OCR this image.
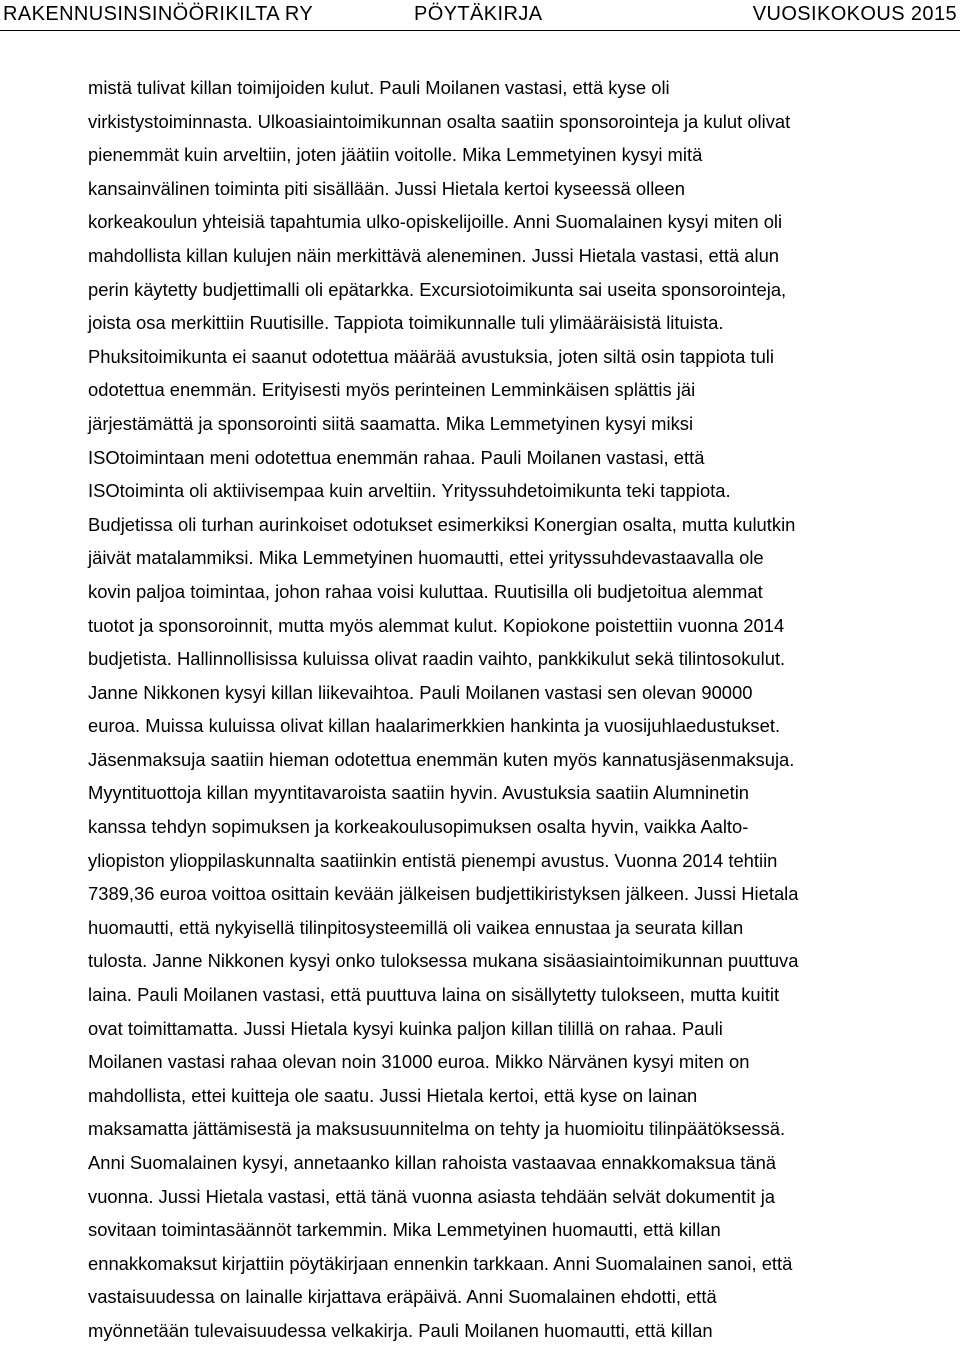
RAKENNUSINSINÖÖRIKILTA RY	PÖYTÄKIRJA	VUOSIKOKOUS 2015
mistä tulivat killan toimijoiden kulut. Pauli Moilanen vastasi, että kyse oli
virkistystoiminnasta. Ulkoasiaintoimikunnan osalta saatiin sponsorointeja ja kulut olivat
pienemmät kuin arveltiin, joten jäätiin voitolle. Mika Lemmetyinen kysyi mitä
kansainvälinen toiminta piti sisällään. Jussi Hietala kertoi kyseessä olleen
korkeakoulun yhteisiä tapahtumia ulko-opiskelijoille. Anni Suomalainen kysyi miten oli
mahdollista killan kulujen näin merkittävä aleneminen. Jussi Hietala vastasi, että alun
perin käytetty budjettimalli oli epätarkka. Excursiotoimikunta sai useita sponsorointeja,
joista osa merkittiin Ruutisille. Tappiota toimikunnalle tuli ylimääräisistä lituista.
Phuksitoimikunta ei saanut odotettua määrää avustuksia, joten siltä osin tappiota tuli
odotettua enemmän. Erityisesti myös perinteinen Lemminkäisen splättis jäi
järjestämättä ja sponsorointi siitä saamatta. Mika Lemmetyinen kysyi miksi
ISOtoimintaan meni odotettua enemmän rahaa. Pauli Moilanen vastasi, että
ISOtoiminta oli aktiivisempaa kuin arveltiin. Yrityssuhdetoimikunta teki tappiota.
Budjetissa oli turhan aurinkoiset odotukset esimerkiksi Konergian osalta, mutta kulutkin
jäivät matalammiksi. Mika Lemmetyinen huomautti, ettei yrityssuhdevastaavalla ole
kovin paljoa toimintaa, johon rahaa voisi kuluttaa. Ruutisilla oli budjetoitua alemmat
tuotot ja sponsoroinnit, mutta myös alemmat kulut. Kopiokone poistettiin vuonna 2014
budjetista. Hallinnollisissa kuluissa olivat raadin vaihto, pankkikulut sekä tilintosokulut.
Janne Nikkonen kysyi killan liikevaihtoa. Pauli Moilanen vastasi sen olevan 90000
euroa. Muissa kuluissa olivat killan haalarimerkkien hankinta ja vuosijuhlaedustukset.
Jäsenmaksuja saatiin hieman odotettua enemmän kuten myös kannatusjäsenmaksuja.
Myyntituottoja killan myyntitavaroista saatiin hyvin. Avustuksia saatiin Alumninetin
kanssa tehdyn sopimuksen ja korkeakoulusopimuksen osalta hyvin, vaikka Aalto-
yliopiston ylioppilaskunnalta saatiinkin entistä pienempi avustus. Vuonna 2014 tehtiin
7389,36 euroa voittoa osittain kevään jälkeisen budjettikiristyksen jälkeen. Jussi Hietala
huomautti, että nykyisellä tilinpitosysteemillä oli vaikea ennustaa ja seurata killan
tulosta. Janne Nikkonen kysyi onko tuloksessa mukana sisäasiaintoimikunnan puuttuva
laina. Pauli Moilanen vastasi, että puuttuva laina on sisällytetty tulokseen, mutta kuitit
ovat toimittamatta. Jussi Hietala kysyi kuinka paljon killan tilillä on rahaa. Pauli
Moilanen vastasi rahaa olevan noin 31000 euroa. Mikko Närvänen kysyi miten on
mahdollista, ettei kuitteja ole saatu. Jussi Hietala kertoi, että kyse on lainan
maksamatta jättämisestä ja maksusuunnitelma on tehty ja huomioitu tilinpäätöksessä.
Anni Suomalainen kysyi, annetaanko killan rahoista vastaavaa ennakkomaksua tänä
vuonna. Jussi Hietala vastasi, että tänä vuonna asiasta tehdään selvät dokumentit ja
sovitaan toimintasäännöt tarkemmin. Mika Lemmetyinen huomautti, että killan
ennakkomaksut kirjattiin pöytäkirjaan ennenkin tarkkaan. Anni Suomalainen sanoi, että
vastaisuudessa on lainalle kirjattava eräpäivä. Anni Suomalainen ehdotti, että
myönnetään tulevaisuudessa velkakirja. Pauli Moilanen huomautti, että killan
